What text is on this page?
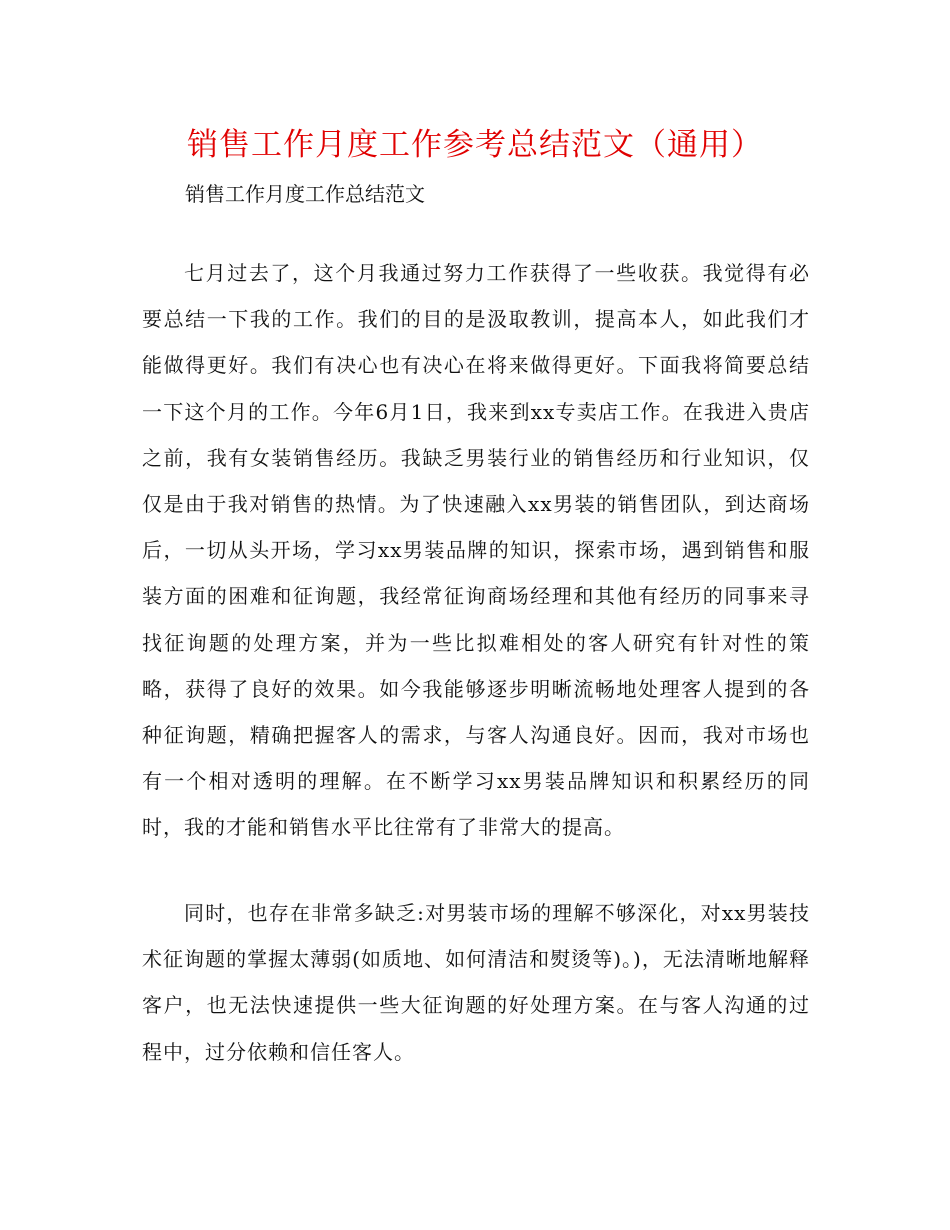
销售工作月度工作参考总结范文（通用）

销售工作月度工作总结范文

七月过去了，这个月我通过努力工作获得了一些收获。我觉得有必要总结一下我的工作。我们的目的是汲取教训，提高本人，如此我们才能做得更好。我们有决心也有决心在将来做得更好。下面我将简要总结一下这个月的工作。今年6月1日，我来到xx专卖店工作。在我进入贵店之前，我有女装销售经历。我缺乏男装行业的销售经历和行业知识，仅仅是由于我对销售的热情。为了快速融入xx男装的销售团队，到达商场后，一切从头开场，学习xx男装品牌的知识，探索市场，遇到销售和服装方面的困难和征询题，我经常征询商场经理和其他有经历的同事来寻找征询题的处理方案，并为一些比拟难相处的客人研究有针对性的策略，获得了良好的效果。如今我能够逐步明晰流畅地处理客人提到的各种征询题，精确把握客人的需求，与客人沟通良好。因而，我对市场也有一个相对透明的理解。在不断学习xx男装品牌知识和积累经历的同时，我的才能和销售水平比往常有了非常大的提高。

同时，也存在非常多缺乏:对男装市场的理解不够深化，对xx男装技术征询题的掌握太薄弱(如质地、如何清洁和熨烫等)。)，无法清晰地解释客户，也无法快速提供一些大征询题的好处理方案。在与客人沟通的过程中，过分依赖和信任客人。
